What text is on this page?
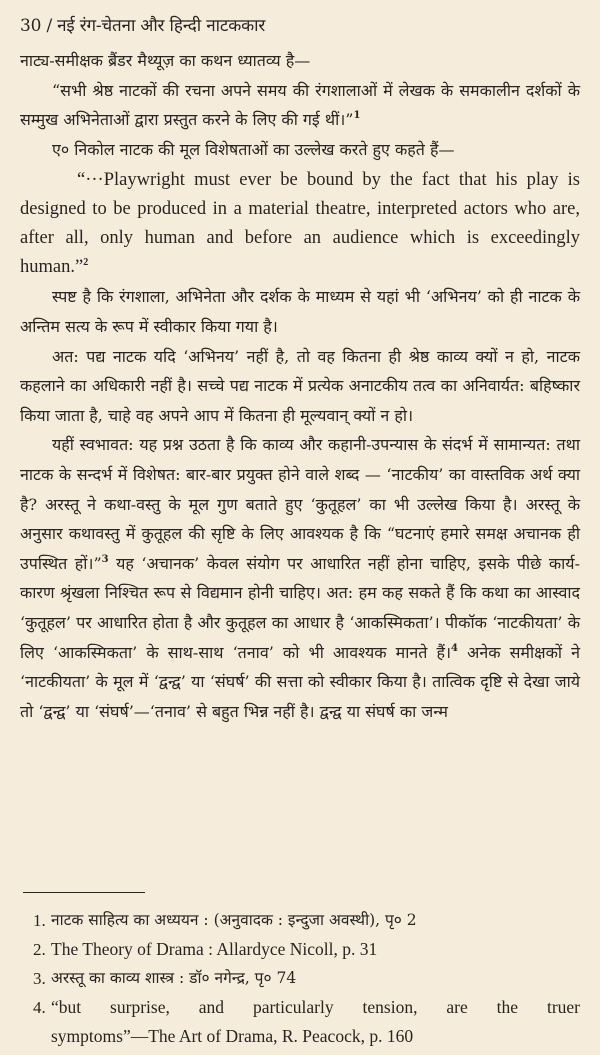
30 / नई रंग-चेतना और हिन्दी नाटककार

नाट्य-समीक्षक ब्रैंडर मैथ्यूज़ का कथन ध्यातव्य है—

“सभी श्रेष्ठ नाटकों की रचना अपने समय की रंगशालाओं में लेखक के समकालीन दर्शकों के सम्मुख अभिनेताओं द्वारा प्रस्तुत करने के लिए की गई थीं।”$^1$

ए० निकोल नाटक की मूल विशेषताओं का उल्लेख करते हुए कहते हैं—

“···Playwright must ever be bound by the fact that his play is designed to be produced in a material theatre, interpreted actors who are, after all, only human and before an audience which is exceedingly human.”$^2$

स्पष्ट है कि रंगशाला, अभिनेता और दर्शक के माध्यम से यहां भी ‘अभिनय’ को ही नाटक के अन्तिम सत्य के रूप में स्वीकार किया गया है।

अत: पद्य नाटक यदि ‘अभिनय’ नहीं है, तो वह कितना ही श्रेष्ठ काव्य क्यों न हो, नाटक कहलाने का अधिकारी नहीं है। सच्चे पद्य नाटक में प्रत्येक अनाटकीय तत्व का अनिवार्यत: बहिष्कार किया जाता है, चाहे वह अपने आप में कितना ही मूल्यवान् क्यों न हो।

यहीं स्वभावत: यह प्रश्न उठता है कि काव्य और कहानी-उपन्यास के संदर्भ में सामान्यत: तथा नाटक के सन्दर्भ में विशेषत: बार-बार प्रयुक्त होने वाले शब्द — ‘नाटकीय’ का वास्तविक अर्थ क्या है? अरस्तू ने कथा-वस्तु के मूल गुण बताते हुए ‘कुतूहल’ का भी उल्लेख किया है। अरस्तू के अनुसार कथावस्तु में कुतूहल की सृष्टि के लिए आवश्यक है कि “घटनाएं हमारे समक्ष अचानक ही उपस्थित हों।”$^3$ यह ‘अचानक’ केवल संयोग पर आधारित नहीं होना चाहिए, इसके पीछे कार्य-कारण श्रृंखला निश्चित रूप से विद्यमान होनी चाहिए। अत: हम कह सकते हैं कि कथा का आस्वाद ‘कुतूहल’ पर आधारित होता है और कुतूहल का आधार है ‘आकस्मिकता’। पीकॉक ‘नाटकीयता’ के लिए ‘आकस्मिकता’ के साथ-साथ ‘तनाव’ को भी आवश्यक मानते हैं।$^4$ अनेक समीक्षकों ने ‘नाटकीयता’ के मूल में ‘द्वन्द्व’ या ‘संघर्ष’ की सत्ता को स्वीकार किया है। तात्विक दृष्टि से देखा जाये तो ‘द्वन्द्व’ या ‘संघर्ष’—‘तनाव’ से बहुत भिन्न नहीं है। द्वन्द्व या संघर्ष का जन्म

1. नाटक साहित्य का अध्ययन : (अनुवादक : इन्दुजा अवस्थी), पृ० 2
2. The Theory of Drama : Allardyce Nicoll, p. 31
3. अरस्तू का काव्य शास्त्र : डॉ० नगेन्द्र, पृ० 74
4. “but surprise, and particularly tension, are the truer
symptoms”—The Art of Drama, R. Peacock, p. 160
